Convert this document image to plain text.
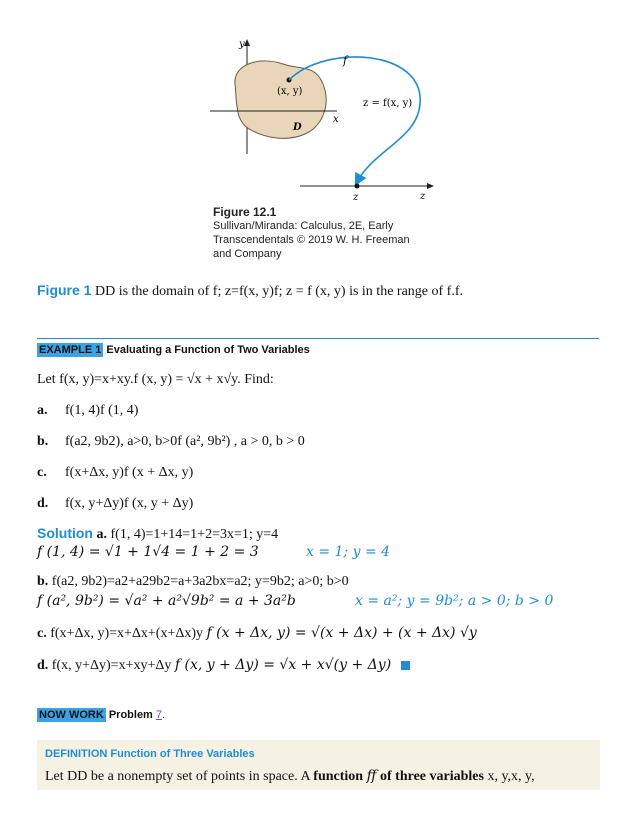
y
x
(x, y)
D
f
z = f(x, y)
z
z
Figure 12.1
Sullivan/Miranda: Calculus, 2E, Early
Transcendentals © 2019 W. H. Freeman
and Company
Figure 1 DD is the domain of f; z=f(x, y)f; z = f (x, y) is in the range of f.f.
EXAMPLE 1 Evaluating a Function of Two Variables
Let f(x, y)=x+xy.f (x, y) = √x + x√y. Find:
a. f(1, 4)f (1, 4)
b. f(a2, 9b2), a>0, b>0f (a², 9b²) , a > 0, b > 0
c. f(x+Δx, y)f (x + Δx, y)
d. f(x, y+Δy)f (x, y + Δy)
Solution a. f(1, 4)=1+14=1+2=3x=1; y=4
f (1, 4) = √1 + 1√4 = 1 + 2 = 3	x = 1; y = 4
b. f(a2, 9b2)=a2+a29b2=a+3a2bx=a2; y=9b2; a>0; b>0
f (a², 9b²) = √a² + a²√9b² = a + 3a²b	x = a²; y = 9b²; a > 0; b > 0
c. f(x+Δx, y)=x+Δx+(x+Δx)y f (x + Δx, y) = √(x + Δx) + (x + Δx) √y
d. f(x, y+Δy)=x+xy+Δy f (x, y + Δy) = √x + x√(y + Δy)
NOW WORK Problem 7.
DEFINITION Function of Three Variables
Let DD be a nonempty set of points in space. A function ff of three variables x, y,x, y,
